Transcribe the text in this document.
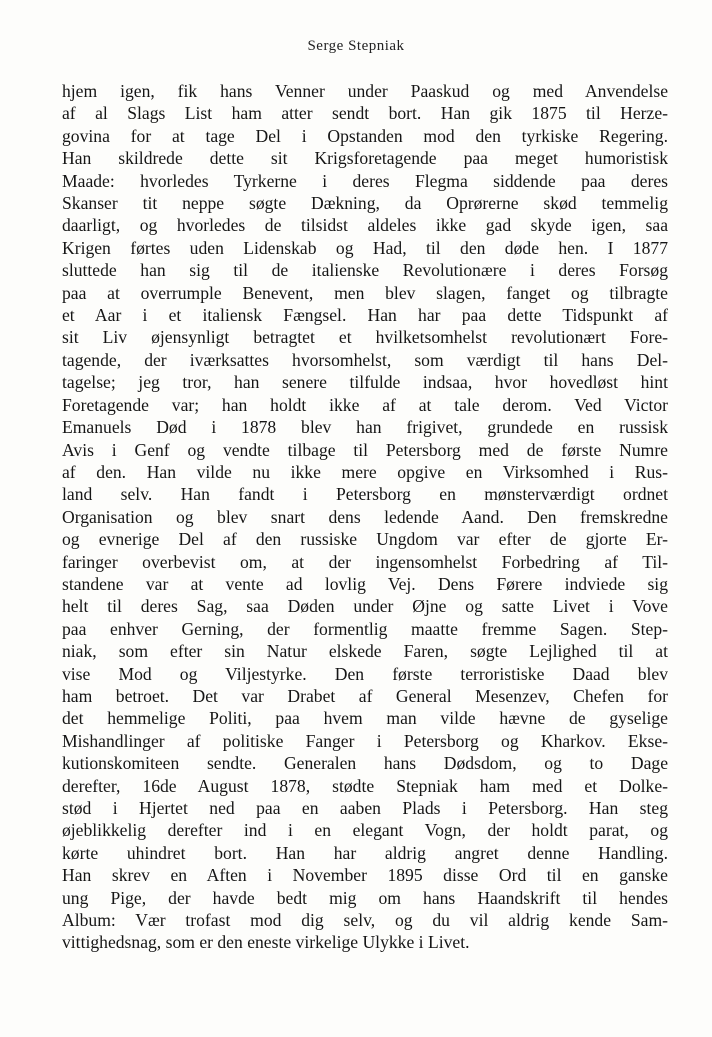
Serge Stepniak
hjem igen, fik hans Venner under Paaskud og med Anvendelse
af al Slags List ham atter sendt bort. Han gik 1875 til Herze-
govina for at tage Del i Opstanden mod den tyrkiske Regering.
Han skildrede dette sit Krigsforetagende paa meget humoristisk
Maade: hvorledes Tyrkerne i deres Flegma siddende paa deres
Skanser tit neppe søgte Dækning, da Oprørerne skød temmelig
daarligt, og hvorledes de tilsidst aldeles ikke gad skyde igen, saa
Krigen førtes uden Lidenskab og Had, til den døde hen. I 1877
sluttede han sig til de italienske Revolutionære i deres Forsøg
paa at overrumple Benevent, men blev slagen, fanget og tilbragte
et Aar i et italiensk Fængsel. Han har paa dette Tidspunkt af
sit Liv øjensynligt betragtet et hvilketsomhelst revolutionært Fore-
tagende, der iværksattes hvorsomhelst, som værdigt til hans Del-
tagelse; jeg tror, han senere tilfulde indsaa, hvor hovedløst hint
Foretagende var; han holdt ikke af at tale derom. Ved Victor
Emanuels Død i 1878 blev han frigivet, grundede en russisk
Avis i Genf og vendte tilbage til Petersborg med de første Numre
af den. Han vilde nu ikke mere opgive en Virksomhed i Rus-
land selv. Han fandt i Petersborg en mønsterværdigt ordnet
Organisation og blev snart dens ledende Aand. Den fremskredne
og evnerige Del af den russiske Ungdom var efter de gjorte Er-
faringer overbevist om, at der ingensomhelst Forbedring af Til-
standene var at vente ad lovlig Vej. Dens Førere indviede sig
helt til deres Sag, saa Døden under Øjne og satte Livet i Vove
paa enhver Gerning, der formentlig maatte fremme Sagen. Step-
niak, som efter sin Natur elskede Faren, søgte Lejlighed til at
vise Mod og Viljestyrke. Den første terroristiske Daad blev
ham betroet. Det var Drabet af General Mesenzev, Chefen for
det hemmelige Politi, paa hvem man vilde hævne de gyselige
Mishandlinger af politiske Fanger i Petersborg og Kharkov. Ekse-
kutionskomiteen sendte. Generalen hans Dødsdom, og to Dage
derefter, 16de August 1878, stødte Stepniak ham med et Dolke-
stød i Hjertet ned paa en aaben Plads i Petersborg. Han steg
øjeblikkelig derefter ind i en elegant Vogn, der holdt parat, og
kørte uhindret bort. Han har aldrig angret denne Handling.
Han skrev en Aften i November 1895 disse Ord til en ganske
ung Pige, der havde bedt mig om hans Haandskrift til hendes
Album: Vær trofast mod dig selv, og du vil aldrig kende Sam-
vittighedsnag, som er den eneste virkelige Ulykke i Livet.
